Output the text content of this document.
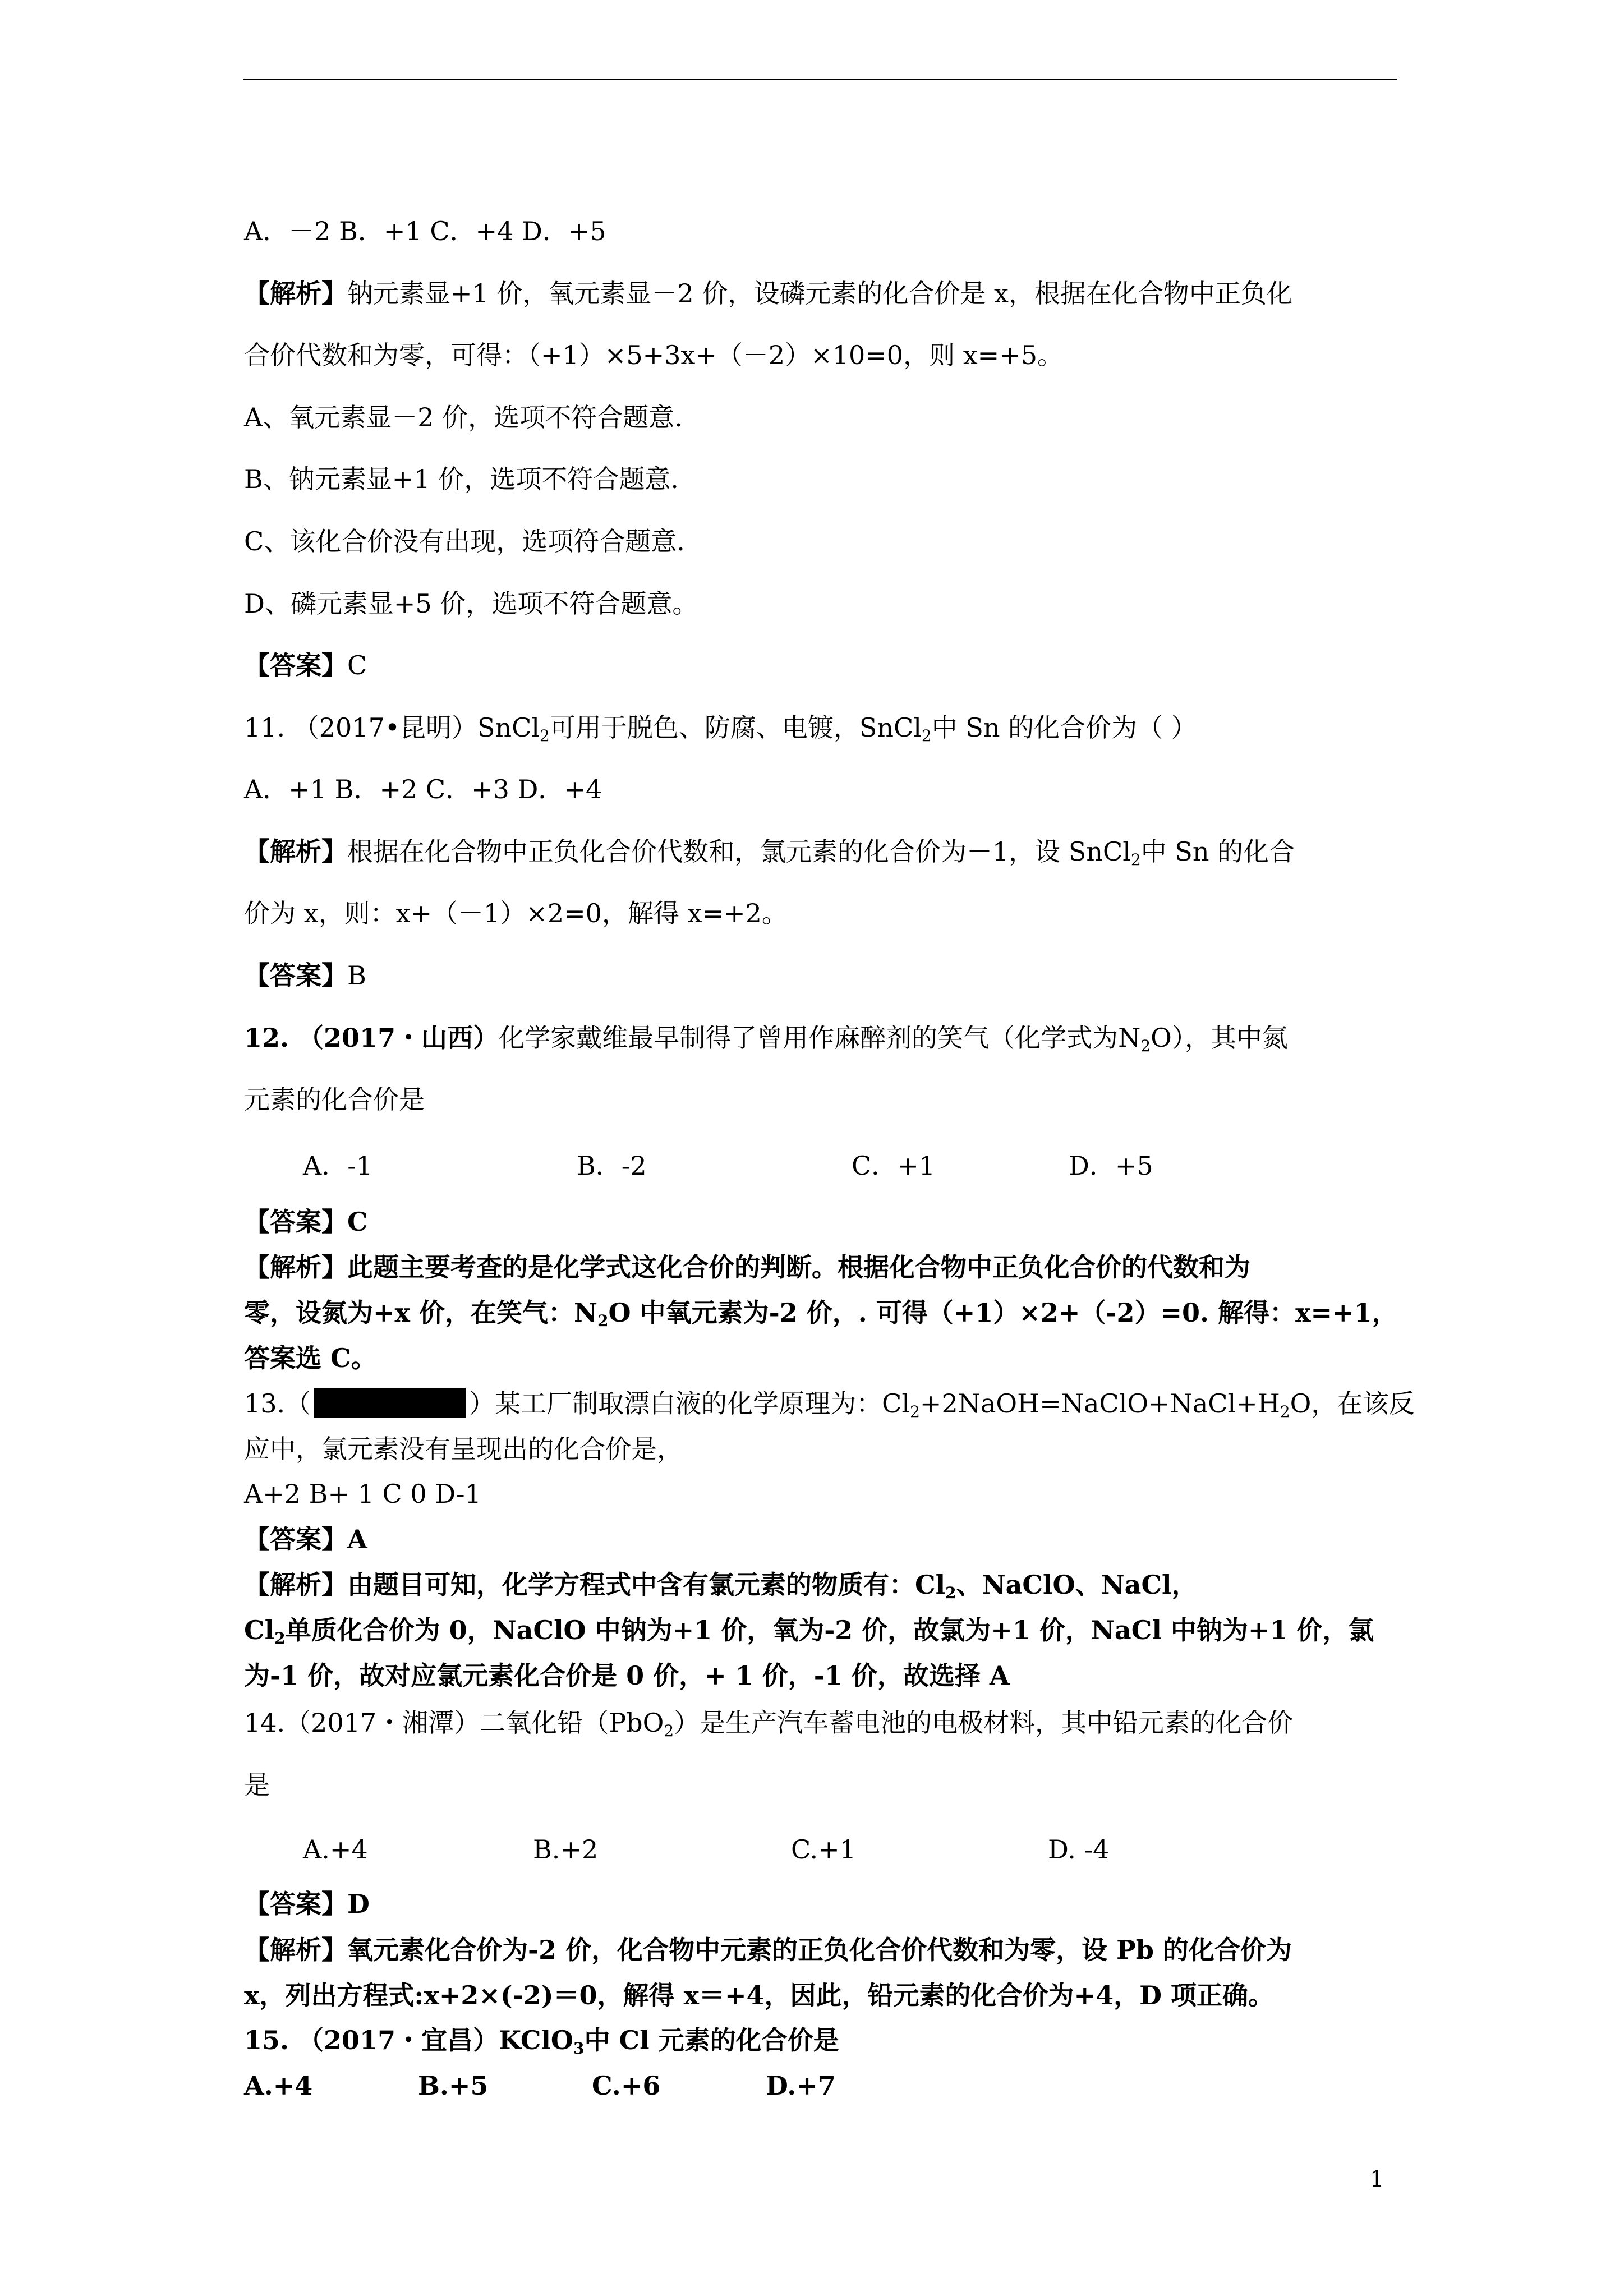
A．－2 B．+1 C．+4 D．+5
【解析】钠元素显+1 价，氧元素显－2 价，设磷元素的化合价是 x，根据在化合物中正负化
合价代数和为零，可得：（+1）×5+3x+（－2）×10=0，则 x=+5。
A、氧元素显－2 价，选项不符合题意.
B、钠元素显+1 价，选项不符合题意.
C、该化合价没有出现，选项符合题意.
D、磷元素显+5 价，选项不符合题意。
【答案】C
11. （2017•昆明）SnCl$_2$可用于脱色、防腐、电镀，SnCl$_2$中 Sn 的化合价为（ ）
A．+1 B．+2 C．+3 D．+4
【解析】根据在化合物中正负化合价代数和，氯元素的化合价为－1，设 SnCl$_2$中 Sn 的化合
价为 x，则：x+（－1）×2=0，解得 x=+2。
【答案】B
12. （2017・山西）化学家戴维最早制得了曾用作麻醉剂的笑气（化学式为$N_2O$），其中氮
元素的化合价是
A．-1	B．-2	C．+1	D．+5
【答案】C
【解析】此题主要考查的是化学式这化合价的判断。根据化合物中正负化合价的代数和为
零，设氮为+x 价，在笑气：$N_2O$ 中氧元素为-2 价，. 可得（+1）×2+（-2）=0. 解得：x=+1，
答案选 C。
13.（	）某工厂制取漂白液的化学原理为：$Cl_2+2NaOH=NaClO+NaCl+H_2O$，在该反
应中，氯元素没有呈现出的化合价是，
A+2 B+ 1 C 0 D-1
【答案】A
【解析】由题目可知，化学方程式中含有氯元素的物质有：$Cl_2$、NaClO、NaCl，
$Cl_2$单质化合价为 0，NaClO 中钠为+1 价，氧为-2 价，故氯为+1 价，NaCl 中钠为+1 价，氯
为-1 价，故对应氯元素化合价是 0 价，+ 1 价，-1 价，故选择 A
14.（2017・湘潭）二氧化铅（PbO$_2$）是生产汽车蓄电池的电极材料，其中铅元素的化合价
是
A.+4	B.+2	C.+1	D. -4
【答案】D
【解析】氧元素化合价为-2 价，化合物中元素的正负化合价代数和为零，设 Pb 的化合价为
x，列出方程式:x+2×(-2)＝0，解得 x＝+4，因此，铅元素的化合价为+4，D 项正确。
15. （2017・宜昌）KClO$_3$中 Cl 元素的化合价是
A.+4	B.+5	C.+6	D.+7
1
